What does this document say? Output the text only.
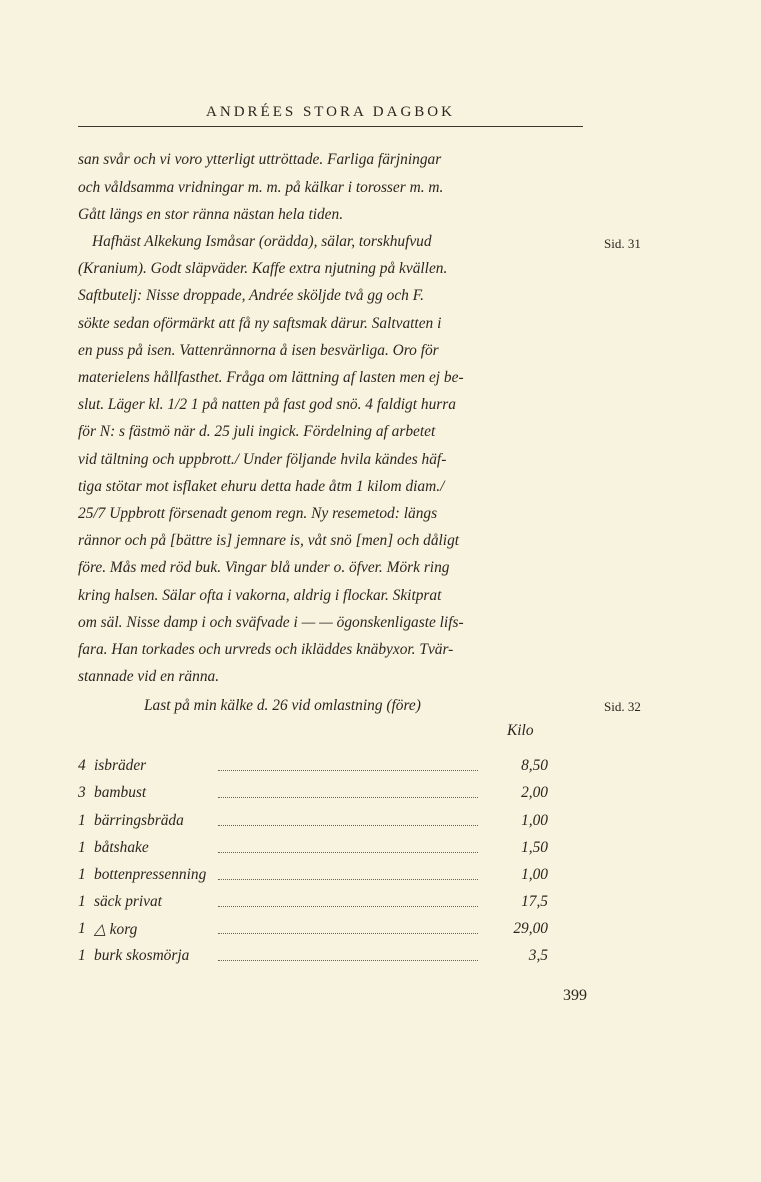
ANDRÉES STORA DAGBOK
san svår och vi voro ytterligt uttröttade. Farliga färjningar
och våldsamma vridningar m. m. på kälkar i torosser m. m.
Gått längs en stor ränna nästan hela tiden.
Hafhäst Alkekung Ismåsar (orädda), sälar, torskhufvud
(Kranium). Godt släpväder. Kaffe extra njutning på kvällen.
Saftbutelj: Nisse droppade, Andrée sköljde två gg och F.
sökte sedan oförmärkt att få ny saftsmak därur. Saltvatten i
en puss på isen. Vattenrännorna å isen besvärliga. Oro för
materielens hållfasthet. Fråga om lättning af lasten men ej be-
slut. Läger kl. 1/2 1 på natten på fast god snö. 4 faldigt hurra
för N: s fästmö när d. 25 juli ingick. Fördelning af arbetet
vid tältning och uppbrott./ Under följande hvila kändes häf-
tiga stötar mot isflaket ehuru detta hade åtm 1 kilom diam./
25/7 Uppbrott försenadt genom regn. Ny resemetod: längs
rännor och på [bättre is] jemnare is, våt snö [men] och dåligt
före. Mås med röd buk. Vingar blå under o. öfver. Mörk ring
kring halsen. Sälar ofta i vakorna, aldrig i flockar. Skitprat
om säl. Nisse damp i och sväfvade i — — ögonskenligaste lifs-
fara. Han torkades och urvreds och ikläddes knäbyxor. Tvär-
stannade vid en ränna.
Last på min kälke d. 26 vid omlastning (före)
Sid. 31
Sid. 32
Kilo
4 isbräder	8,50
3 bambust	2,00
1 bärringsbräda	1,00
1 båtshake	1,50
1 bottenpressenning	1,00
1 säck privat	17,5
1 △ korg	29,00
1 burk skosmörja	3,5
399
